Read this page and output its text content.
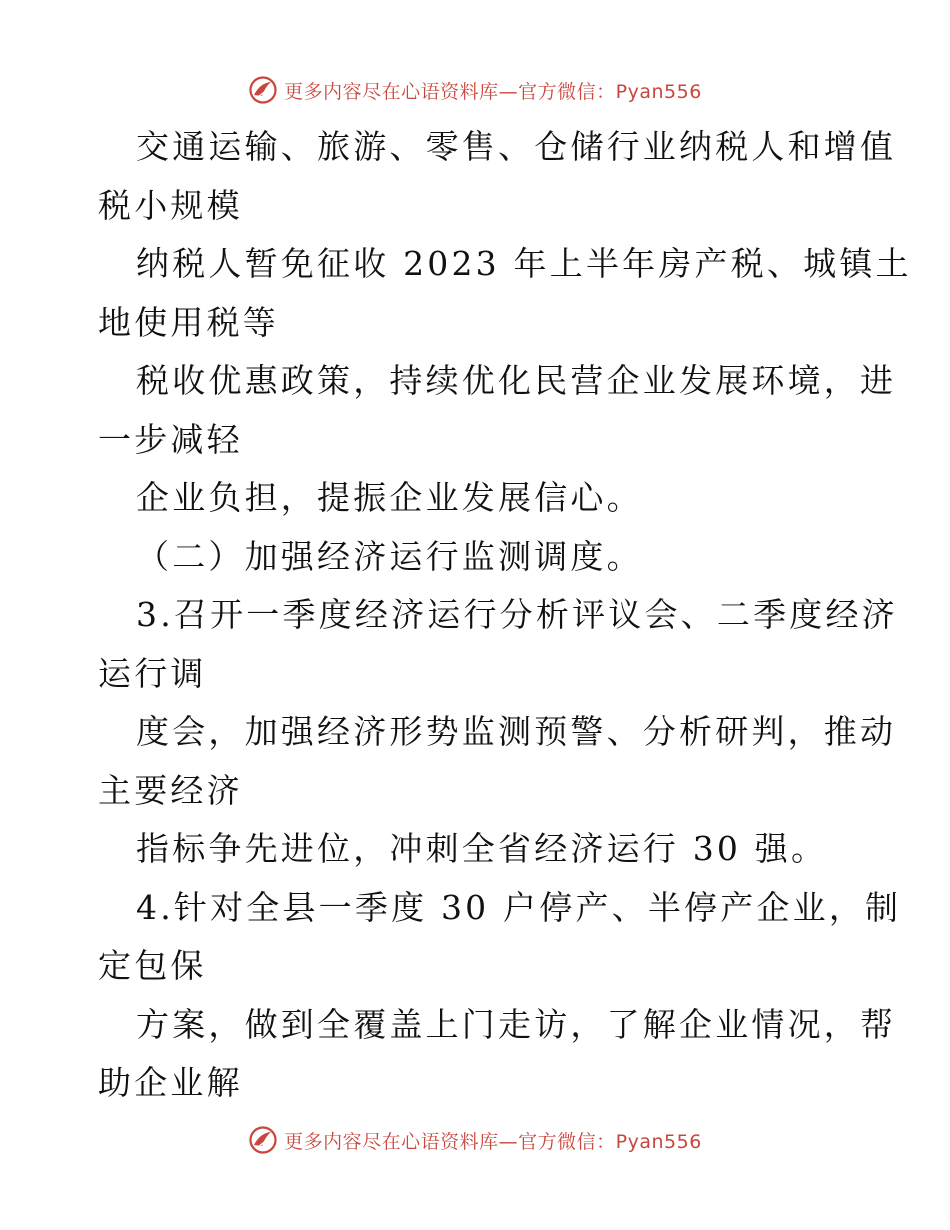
更多内容尽在心语资料库—官方微信：Pyan556
交通运输、旅游、零售、仓储行业纳税人和增值
税小规模
纳税人暂免征收 2023 年上半年房产税、城镇土
地使用税等
税收优惠政策，持续优化民营企业发展环境，进
一步减轻
企业负担，提振企业发展信心。
（二）加强经济运行监测调度。
3.召开一季度经济运行分析评议会、二季度经济
运行调
度会，加强经济形势监测预警、分析研判，推动
主要经济
指标争先进位，冲刺全省经济运行 30 强。
4.针对全县一季度 30 户停产、半停产企业，制
定包保
方案，做到全覆盖上门走访，了解企业情况，帮
助企业解
更多内容尽在心语资料库—官方微信：Pyan556
